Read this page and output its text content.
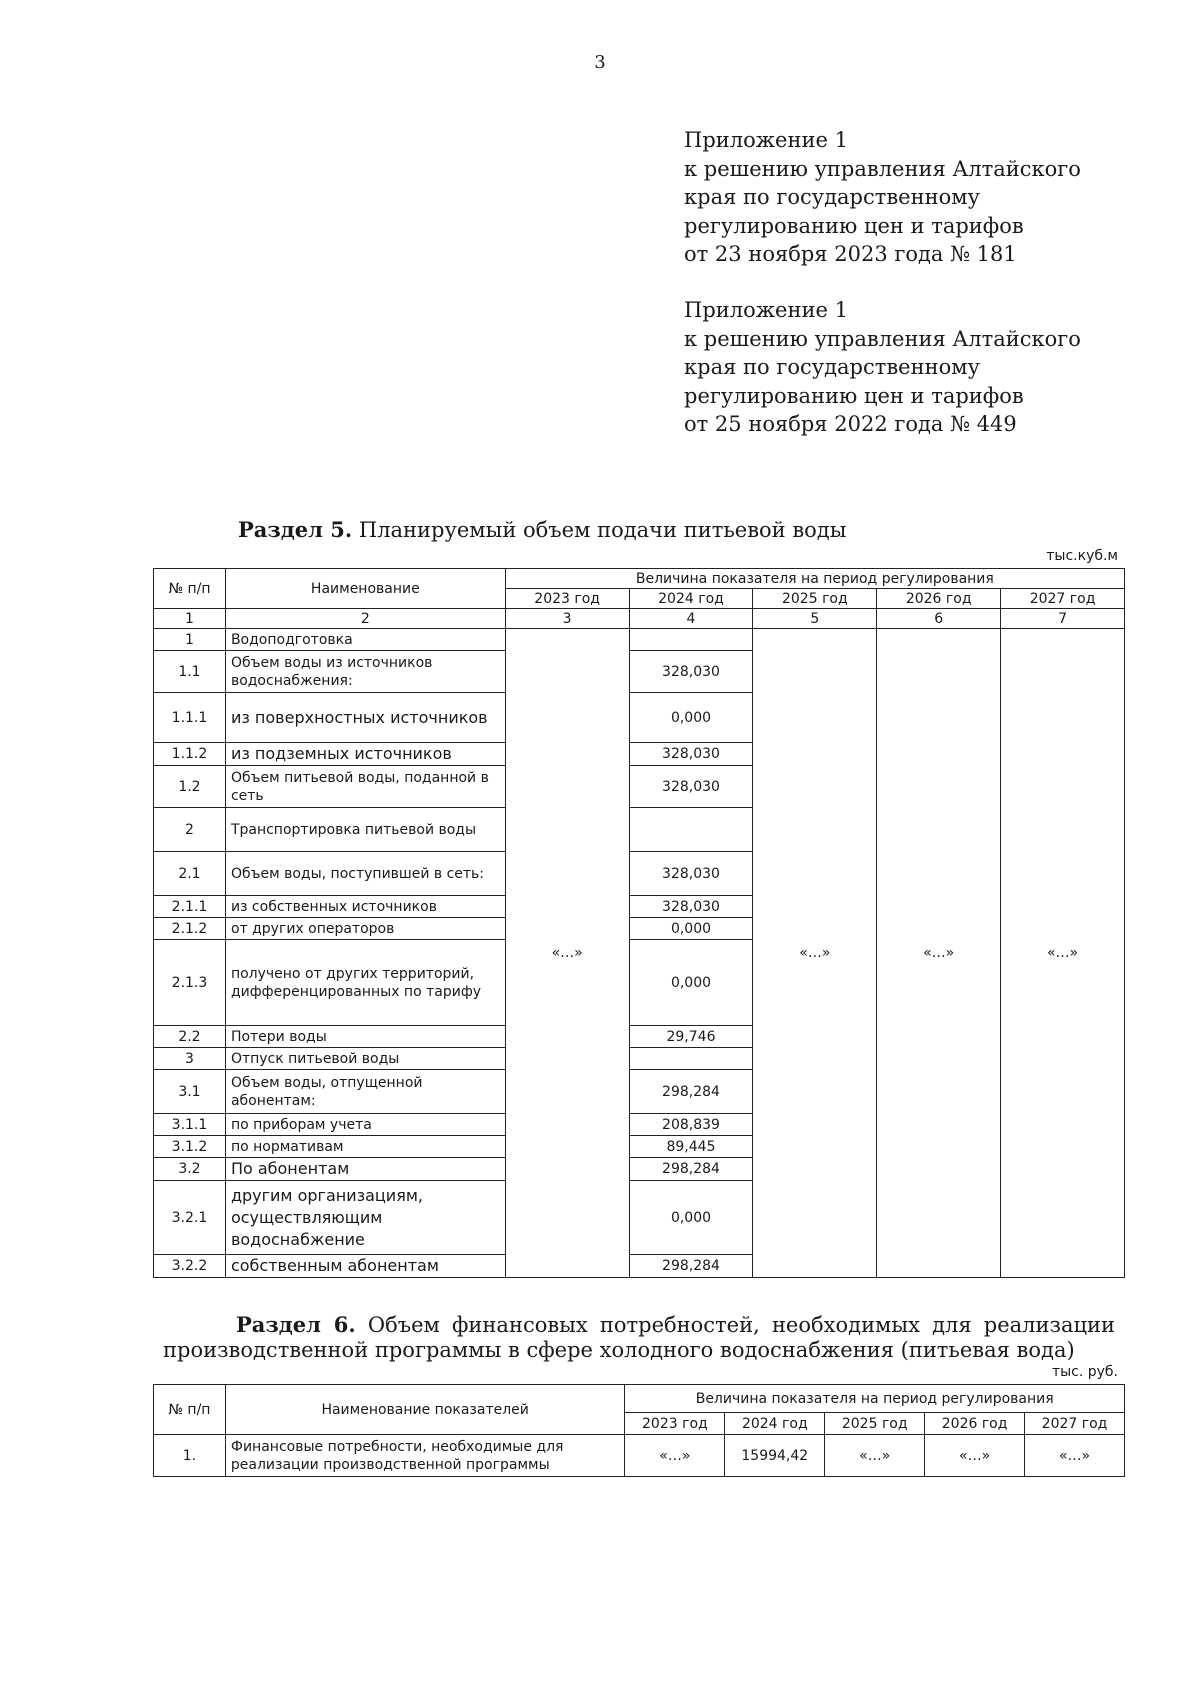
3
Приложение 1
к решению управления Алтайского
края по государственному
регулированию цен и тарифов
от 23 ноября 2023 года № 181
Приложение 1
к решению управления Алтайского
края по государственному
регулированию цен и тарифов
от 25 ноября 2022 года № 449
Раздел 5. Планируемый объем подачи питьевой воды
тыс.куб.м
№ п/п	Наименование	Величина показателя на период регулирования				
		2023 год	2024 год	2025 год	2026 год	2027 год
1	2	3	4	5	6	7
1	Водоподготовка	«…»		«…»	«…»	«…»
1.1	Объем воды из источников водоснабжения:		328,030			
1.1.1	из поверхностных источников		0,000			
1.1.2	из подземных источников		328,030			
1.2	Объем питьевой воды, поданной в сеть		328,030			
2	Транспортировка питьевой воды					
2.1	Объем воды, поступившей в сеть:		328,030			
2.1.1	из собственных источников		328,030			
2.1.2	от других операторов		0,000			
2.1.3	получено от других территорий, дифференцированных по тарифу		0,000			
2.2	Потери воды		29,746			
3	Отпуск питьевой воды					
3.1	Объем воды, отпущенной абонентам:		298,284			
3.1.1	по приборам учета		208,839			
3.1.2	по нормативам		89,445			
3.2	По абонентам		298,284			
3.2.1	другим организациям, осуществляющим водоснабжение		0,000			
3.2.2	собственным абонентам		298,284			
Раздел 6. Объем финансовых потребностей, необходимых для реализации
производственной программы в сфере холодного водоснабжения (питьевая вода)
тыс. руб.
№ п/п	Наименование показателей	Величина показателя на период регулирования				
		2023 год	2024 год	2025 год	2026 год	2027 год
1.	Финансовые потребности, необходимые для реализации производственной программы	«…»	15994,42	«…»	«…»	«…»
